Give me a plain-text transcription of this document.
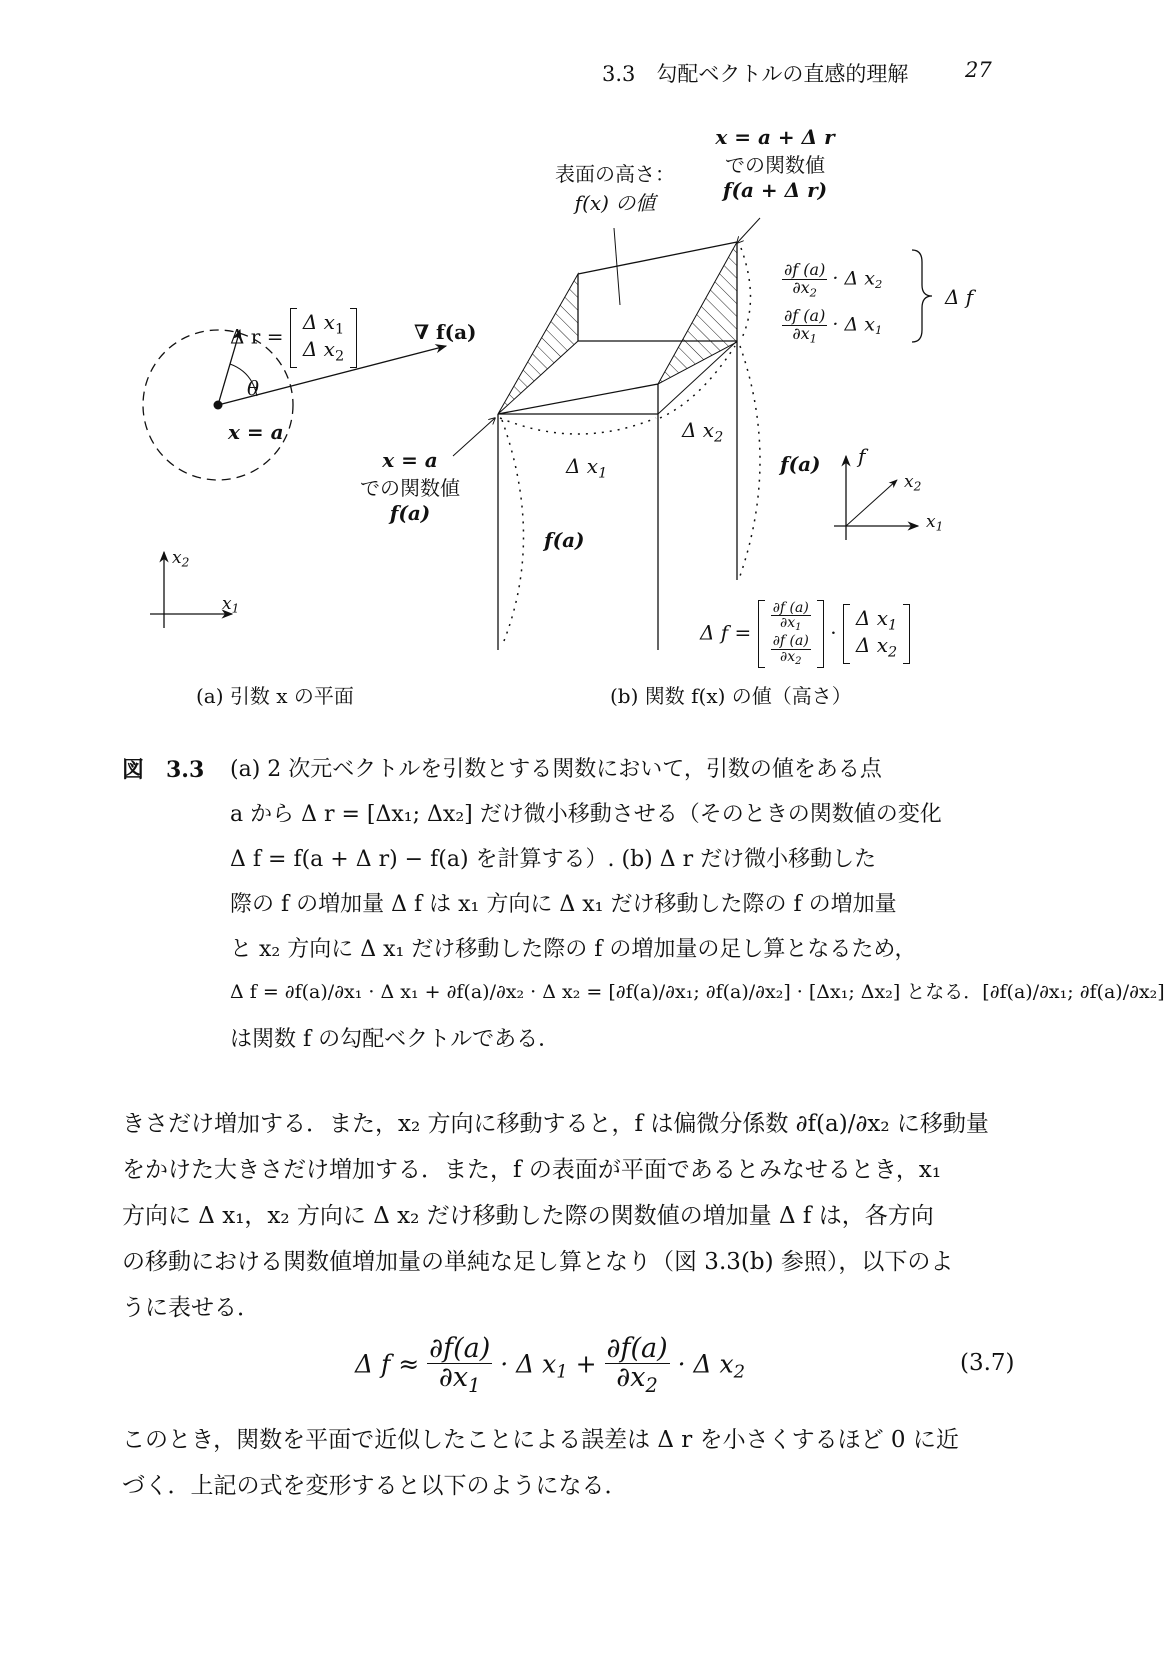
3.3　勾配ベクトルの直感的理解	27
Δ r =
Δ $x_1$
Δ $x_2$
∇ f(a)
θ
x = a
$x_2$
$x_1$
(a) 引数 x の平面
表面の高さ：
f(x) の値
x = a + Δ r
での関数値
f(a + Δ r)
x = a
での関数値
f(a)
Δ $x_1$
Δ $x_2$
f(a)
f(a)
$\frac{\partial f (a)}{\partial x_2} \cdot \Delta$ $x_2$
$\frac{\partial f (a)}{\partial x_1} \cdot \Delta$ $x_1$
Δ f
f
$x_2$
$x_1$
Δ $f = \frac{\partial f (a)}{\partial x_1}$
$\frac{\partial f (a)}{\partial x_2}$
·
Δ $x_1$
Δ $x_2$
(b) 関数 f(x) の値（高さ）
図　3.3 (a) 2 次元ベクトルを引数とする関数において，引数の値をある点
a から Δ r = [Δx₁; Δx₂] だけ微小移動させる（そのときの関数値の変化
Δ f = f(a + Δ r) − f(a) を計算する）. (b) Δ r だけ微小移動した
際の f の増加量 Δ f は x₁ 方向に Δ x₁ だけ移動した際の f の増加量
と x₂ 方向に Δ x₁ だけ移動した際の f の増加量の足し算となるため，
Δ f = ∂f(a)/∂x₁ · Δ x₁ + ∂f(a)/∂x₂ · Δ x₂ = [∂f(a)/∂x₁; ∂f(a)/∂x₂] · [Δx₁; Δx₂] となる．[∂f(a)/∂x₁; ∂f(a)/∂x₂]
は関数 f の勾配ベクトルである．
きさだけ増加する．また，x₂ 方向に移動すると，f は偏微分係数 ∂f(a)/∂x₂ に移動量
をかけた大きさだけ増加する．また，f の表面が平面であるとみなせるとき，x₁
方向に Δ x₁，x₂ 方向に Δ x₂ だけ移動した際の関数値の増加量 Δ f は，各方向
の移動における関数値増加量の単純な足し算となり（図 3.3(b) 参照），以下のよ
うに表せる．
Δ $f \approx \frac{\partial f(a)}{\partial x_1} \cdot \Delta$ $x_1 + \frac{\partial f(a)}{\partial x_2} \cdot \Delta$ $x_2$	(3.7)
このとき，関数を平面で近似したことによる誤差は Δ r を小さくするほど 0 に近
づく．上記の式を変形すると以下のようになる．
